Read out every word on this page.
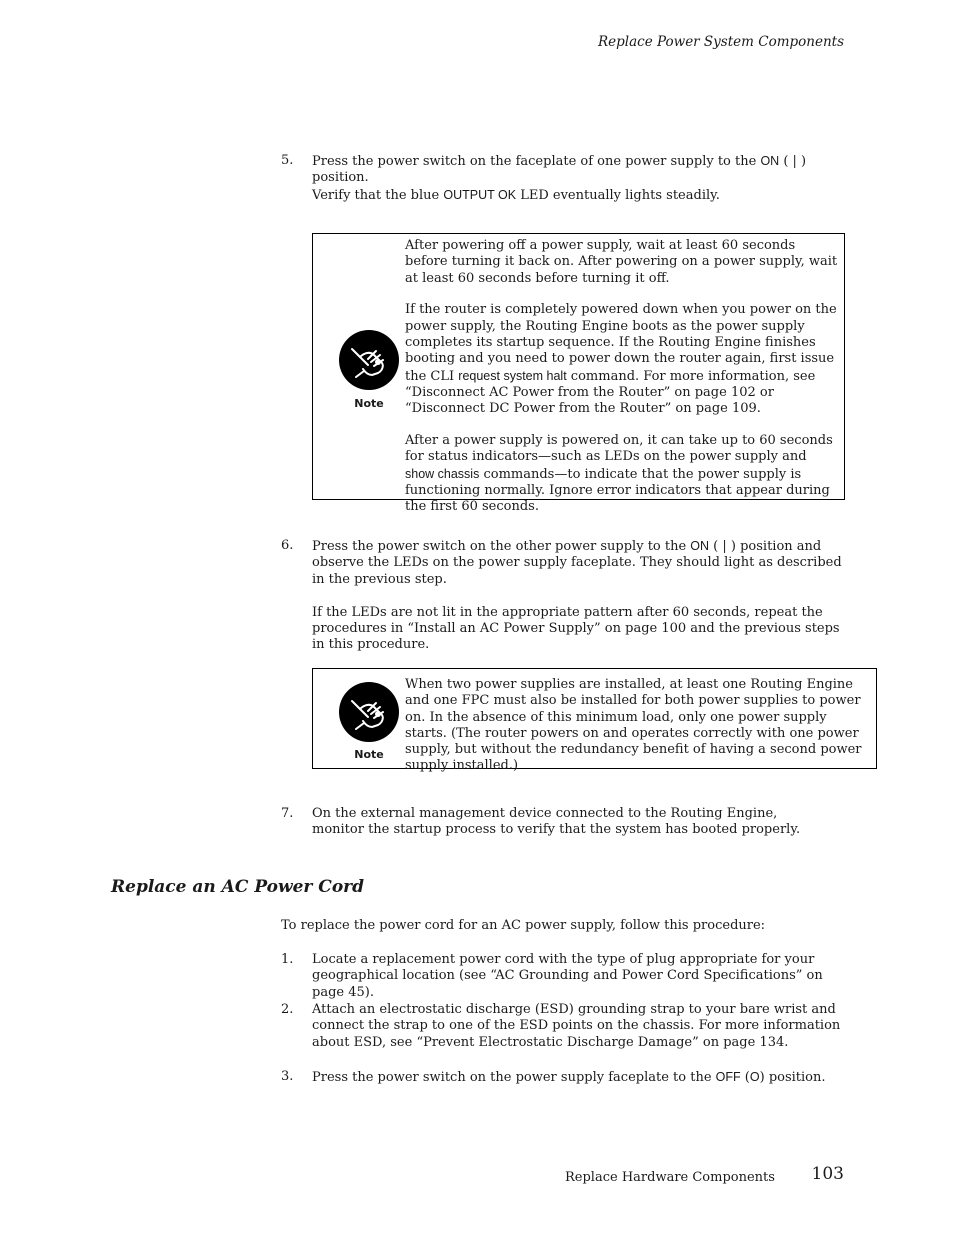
Replace Power System Components
5.	Press the power switch on the faceplate of one power supply to the ON ( | ) position.
Verify that the blue OUTPUT OK LED eventually lights steadily.
Note

After powering off a power supply, wait at least 60 seconds before turning it back on. After powering on a power supply, wait at least 60 seconds before turning it off.

If the router is completely powered down when you power on the power supply, the Routing Engine boots as the power supply completes its startup sequence. If the Routing Engine finishes booting and you need to power down the router again, first issue the CLI request system halt command. For more information, see “Disconnect AC Power from the Router” on page 102 or “Disconnect DC Power from the Router” on page 109.

After a power supply is powered on, it can take up to 60 seconds for status indicators—such as LEDs on the power supply and show chassis commands—to indicate that the power supply is functioning normally. Ignore error indicators that appear during the first 60 seconds.

6.	Press the power switch on the other power supply to the ON ( | ) position and observe the LEDs on the power supply faceplate. They should light as described in the previous step.

If the LEDs are not lit in the appropriate pattern after 60 seconds, repeat the procedures in “Install an AC Power Supply” on page 100 and the previous steps in this procedure.

Note
When two power supplies are installed, at least one Routing Engine and one FPC must also be installed for both power supplies to power on. In the absence of this minimum load, only one power supply starts. (The router powers on and operates correctly with one power supply, but without the redundancy benefit of having a second power supply installed.)
7.	On the external management device connected to the Routing Engine, monitor the startup process to verify that the system has booted properly.
Replace an AC Power Cord
To replace the power cord for an AC power supply, follow this procedure:
1.	Locate a replacement power cord with the type of plug appropriate for your geographical location (see “AC Grounding and Power Cord Specifications” on page 45).
2.	Attach an electrostatic discharge (ESD) grounding strap to your bare wrist and connect the strap to one of the ESD points on the chassis. For more information about ESD, see “Prevent Electrostatic Discharge Damage” on page 134.
3.	Press the power switch on the power supply faceplate to the OFF (O) position.
Replace Hardware Components	103
